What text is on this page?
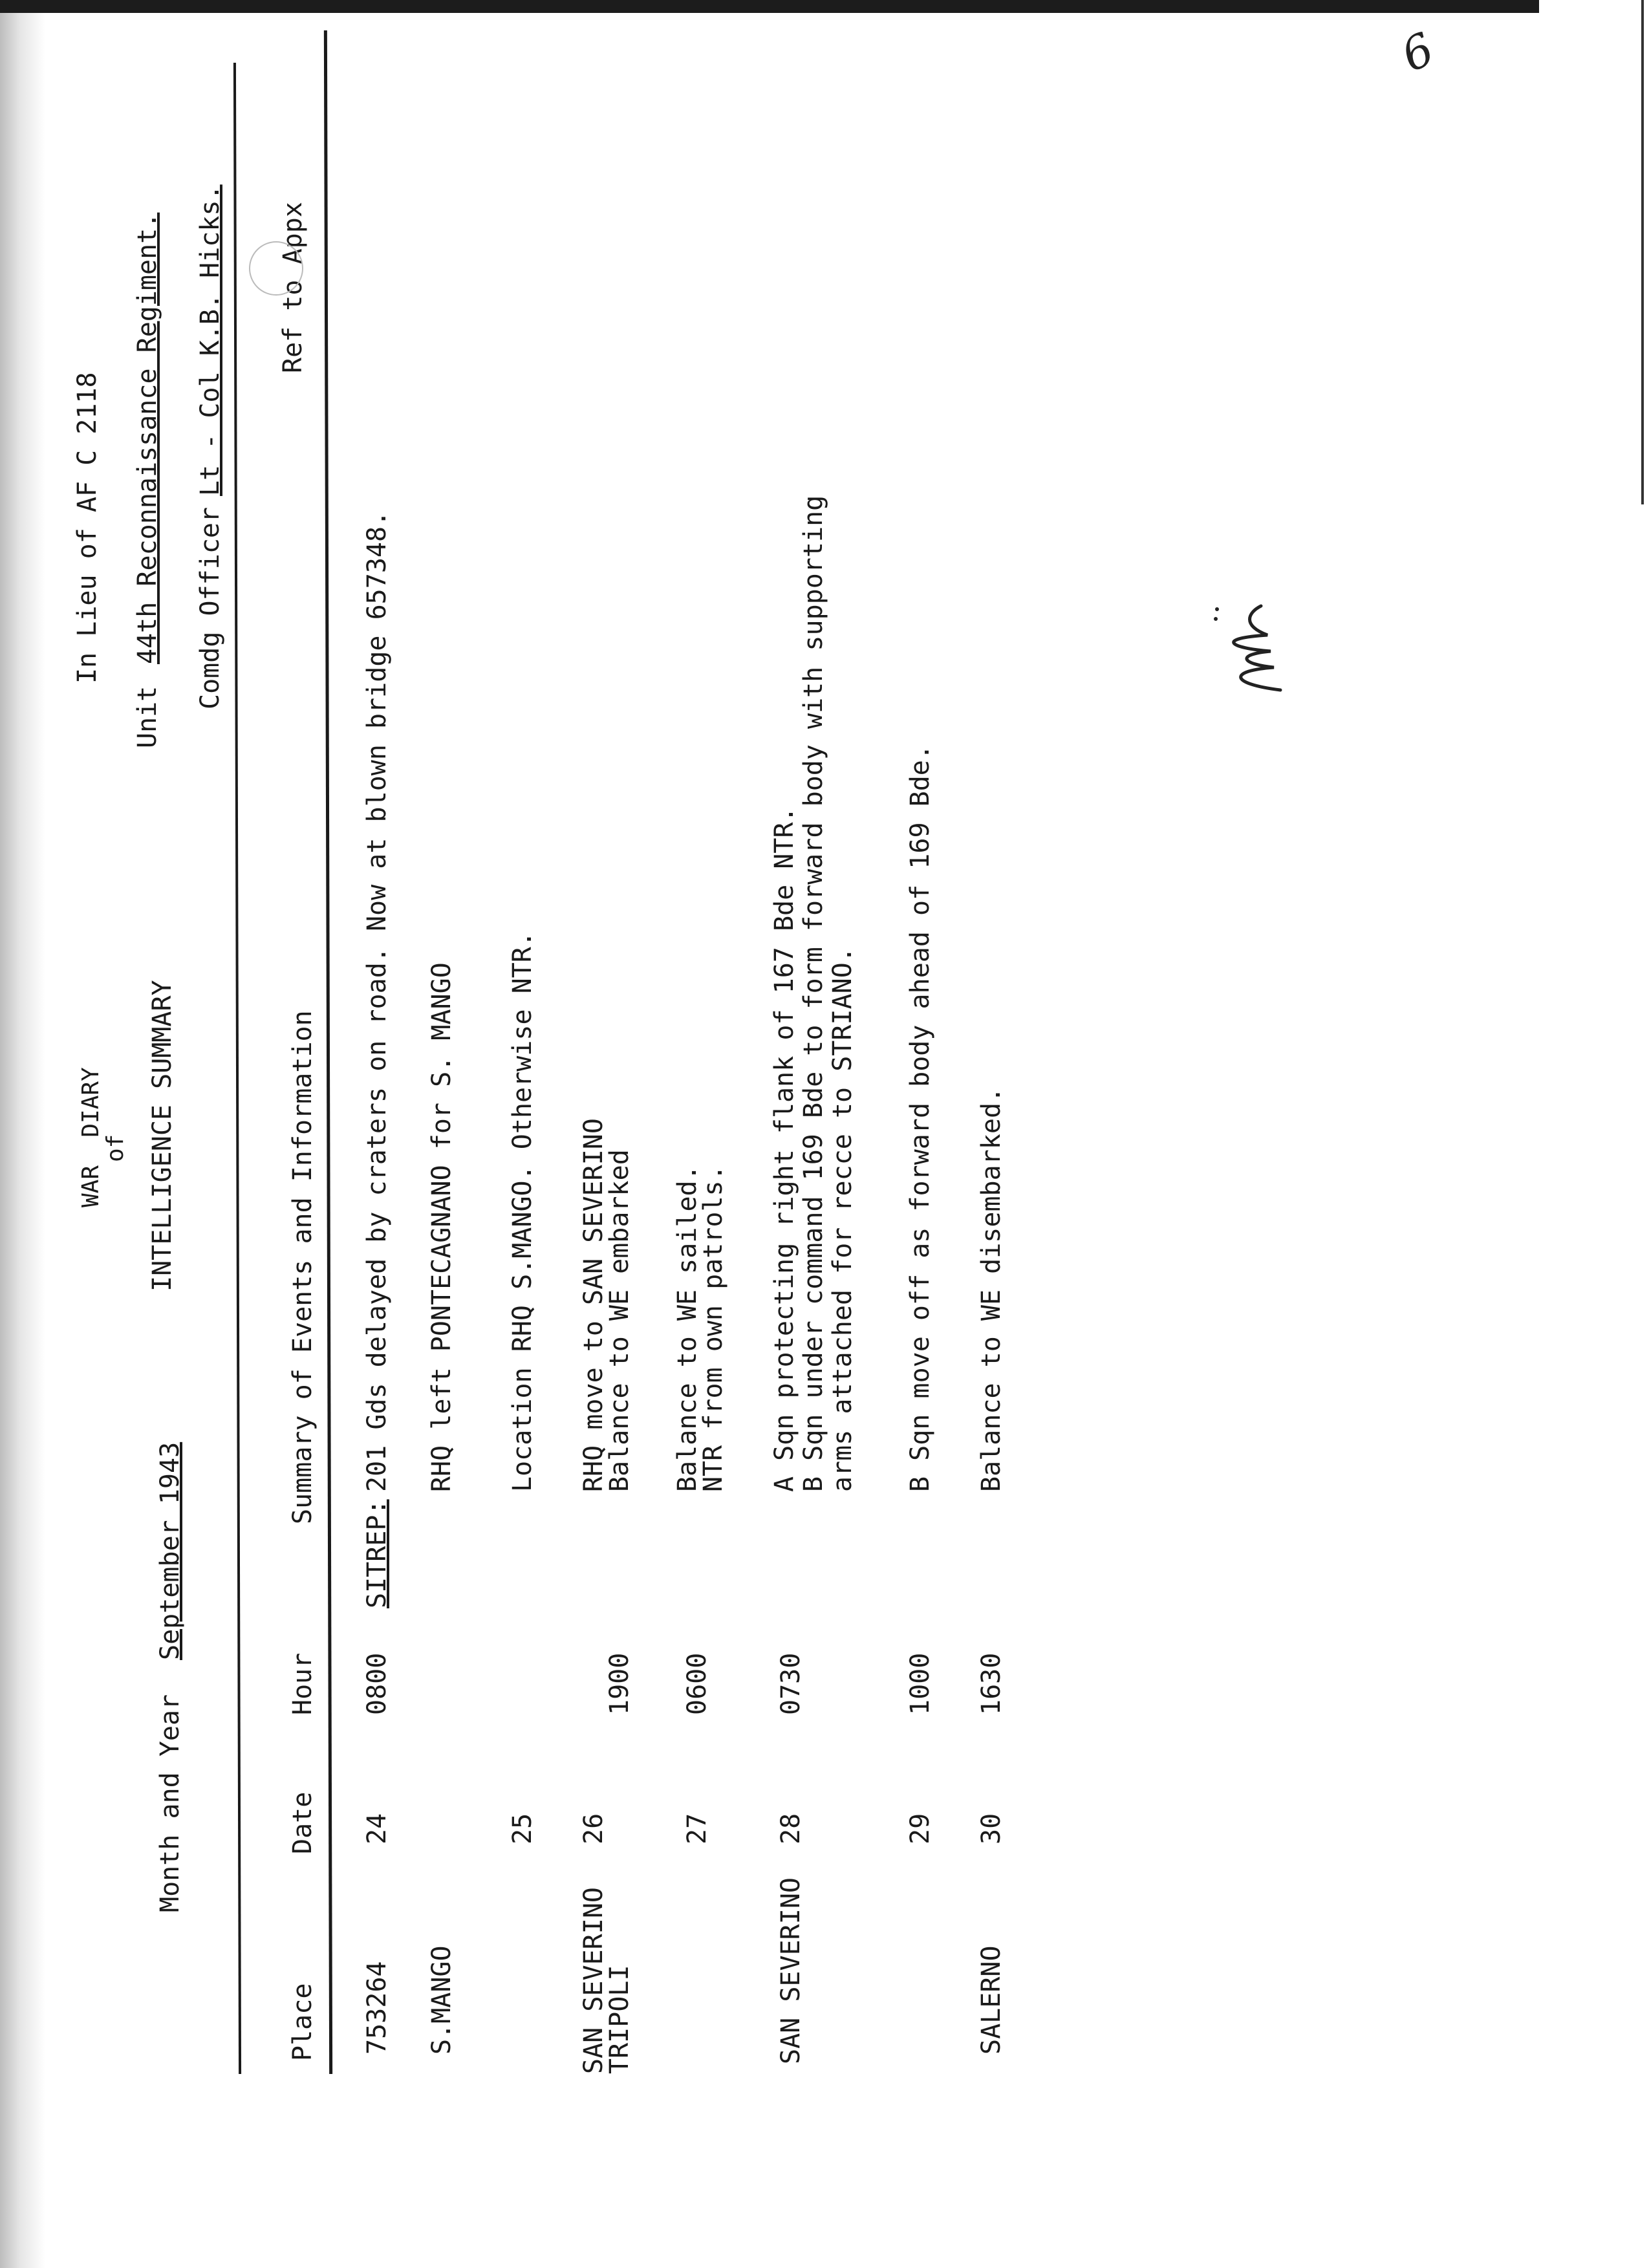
6
Month and Year
September 1943
WAR  DIARY
of INTELLIGENCE SUMMARY
In Lieu of AF C 2118
Unit
44th Reconnaissance Regiment. Comdg Officer
Lt - Col K.B. Hicks.
Place
Date
Hour
Summary of Events and Information
Ref to Appx
753264
24
0800
SITREP:
201 Gds delayed by craters on road. Now at blown bridge 657348.
S.MANGO
RHQ left PONTECAGNANO for S. MANGO
25
Location RHQ S.MANGO. Otherwise NTR.
SAN SEVERINO
TRIPOLI
26
1900
RHQ move to SAN SEVERINO
Balance to WE embarked
27
0600
Balance to WE sailed.
NTR from own patrols.
SAN SEVERINO
28
0730
A Sqn protecting right flank of 167 Bde NTR. B Sqn under command 169 Bde to form forward body with supporting arms attached for recce to STRIANO.
29
1000
B Sqn move off as forward body ahead of 169 Bde.
SALERNO
30
1630
Balance to WE disembarked.
